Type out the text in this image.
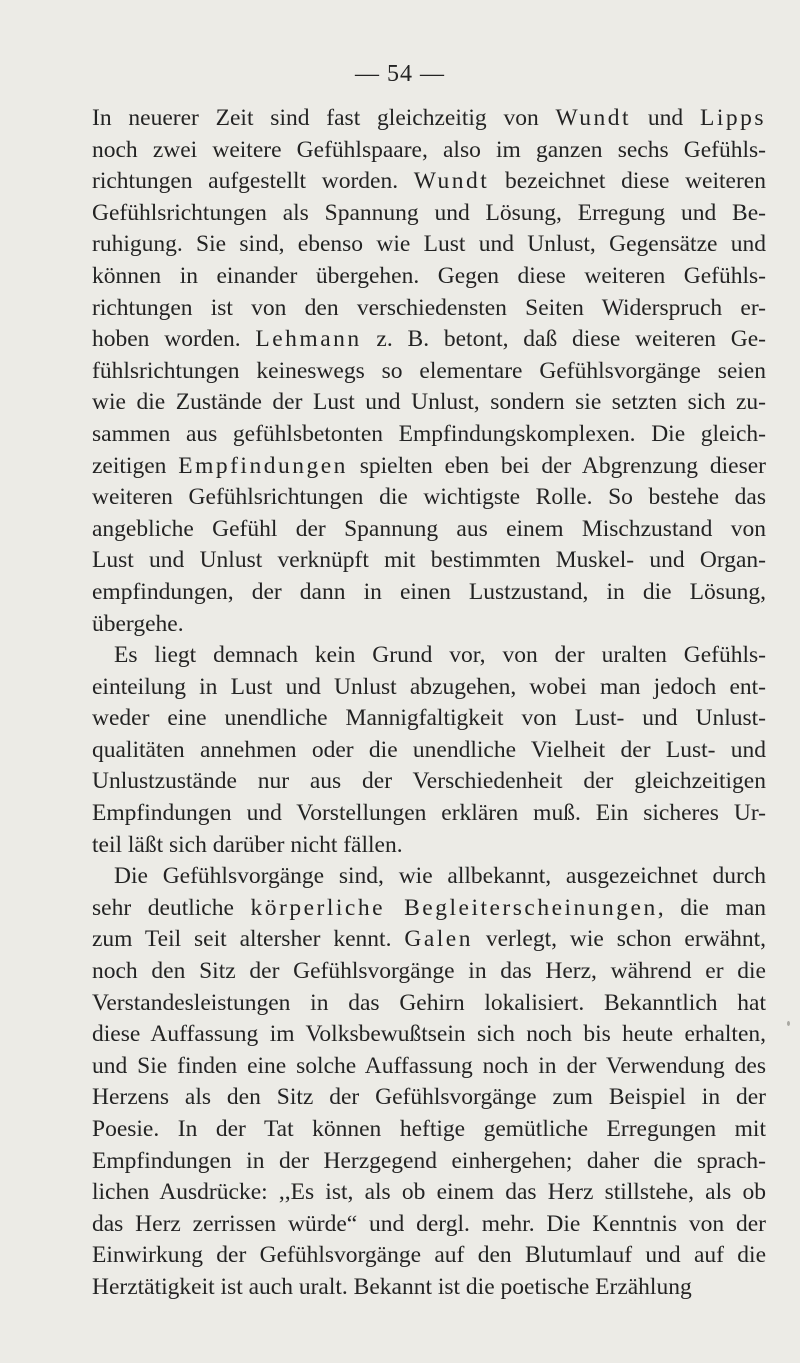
— 54 —
In neuerer Zeit sind fast gleichzeitig von Wundt und Lipps
noch zwei weitere Gefühlspaare, also im ganzen sechs Gefühls-
richtungen aufgestellt worden. Wundt bezeichnet diese weiteren
Gefühlsrichtungen als Spannung und Lösung, Erregung und Be-
ruhigung. Sie sind, ebenso wie Lust und Unlust, Gegensätze und
können in einander übergehen. Gegen diese weiteren Gefühls-
richtungen ist von den verschiedensten Seiten Widerspruch er-
hoben worden. Lehmann z. B. betont, daß diese weiteren Ge-
fühlsrichtungen keineswegs so elementare Gefühlsvorgänge seien
wie die Zustände der Lust und Unlust, sondern sie setzten sich zu-
sammen aus gefühlsbetonten Empfindungskomplexen. Die gleich-
zeitigen Empfindungen spielten eben bei der Abgrenzung dieser
weiteren Gefühlsrichtungen die wichtigste Rolle. So bestehe das
angebliche Gefühl der Spannung aus einem Mischzustand von
Lust und Unlust verknüpft mit bestimmten Muskel- und Organ-
empfindungen, der dann in einen Lustzustand, in die Lösung,
übergehe.
Es liegt demnach kein Grund vor, von der uralten Gefühls-
einteilung in Lust und Unlust abzugehen, wobei man jedoch ent-
weder eine unendliche Mannigfaltigkeit von Lust- und Unlust-
qualitäten annehmen oder die unendliche Vielheit der Lust- und
Unlustzustände nur aus der Verschiedenheit der gleichzeitigen
Empfindungen und Vorstellungen erklären muß. Ein sicheres Ur-
teil läßt sich darüber nicht fällen.
Die Gefühlsvorgänge sind, wie allbekannt, ausgezeichnet durch
sehr deutliche körperliche Begleiterscheinungen, die man
zum Teil seit altersher kennt. Galen verlegt, wie schon erwähnt,
noch den Sitz der Gefühlsvorgänge in das Herz, während er die
Verstandesleistungen in das Gehirn lokalisiert. Bekanntlich hat
diese Auffassung im Volksbewußtsein sich noch bis heute erhalten,
und Sie finden eine solche Auffassung noch in der Verwendung des
Herzens als den Sitz der Gefühlsvorgänge zum Beispiel in der
Poesie. In der Tat können heftige gemütliche Erregungen mit
Empfindungen in der Herzgegend einhergehen; daher die sprach-
lichen Ausdrücke: ,,Es ist, als ob einem das Herz stillstehe, als ob
das Herz zerrissen würde“ und dergl. mehr. Die Kenntnis von der
Einwirkung der Gefühlsvorgänge auf den Blutumlauf und auf die
Herztätigkeit ist auch uralt. Bekannt ist die poetische Erzählung
